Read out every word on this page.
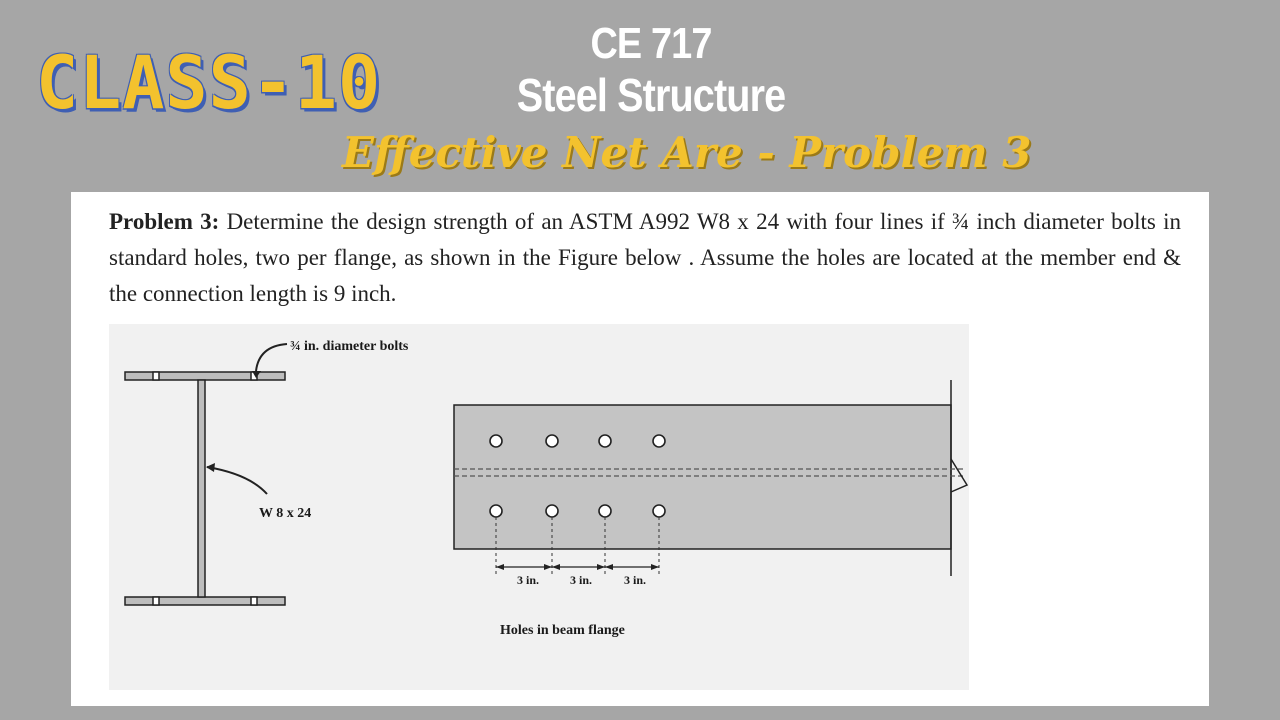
CLASS-10	CE 717
Steel Structure
Effective Net Are - Problem 3
Problem 3: Determine the design strength of an ASTM A992 W8 x 24 with four lines if ¾ inch diameter bolts in standard holes, two per flange, as shown in the Figure below . Assume the holes are located at the member end & the connection length is 9 inch.
¾ in. diameter bolts
W 8 x 24
3 in.	3 in.	3 in.
Holes in beam flange
